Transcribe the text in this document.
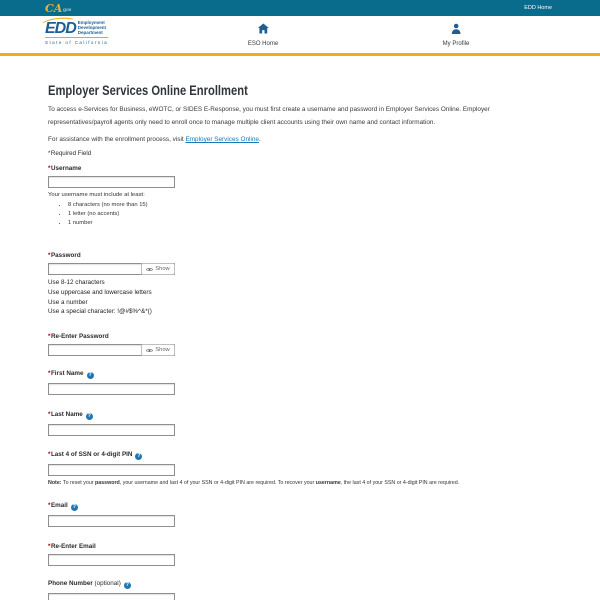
CA gov	EDD Home
EDD Employment
Development
Department
State of California	ESO Home	My Profile
Employer Services Online Enrollment

To access e-Services for Business, eWOTC, or SIDES E-Response, you must first create a username and password in Employer Services Online. Employer representatives/payroll agents only need to enroll once to manage multiple client accounts using their own name and contact information.

For assistance with the enrollment process, visit Employer Services Online.

*Required Field

*Username
Your username must include at least:
• 8 characters (no more than 15)
• 1 letter (no accents)
• 1 number
*Password
Show
Use 8-12 characters
Use uppercase and lowercase letters
Use a number
Use a special character: !@#$%^&*()
*Re-Enter Password
Show
*First Name ?
*Last Name ?
*Last 4 of SSN or 4-digit PIN ?
Note: To reset your password, your username and last 4 of your SSN or 4-digit PIN are required. To recover your username, the last 4 of your SSN or 4-digit PIN are required.
*Email ?
*Re-Enter Email
Phone Number (optional) ?
